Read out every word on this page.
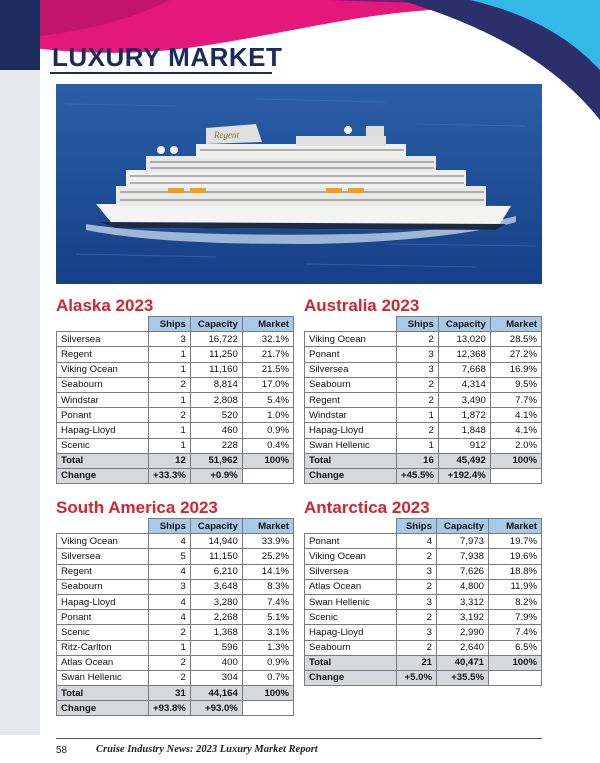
LUXURY MARKET
Regent
Alaska 2023
	Ships	Capacity	Market
Silversea	3	16,722	32.1%
Regent	1	11,250	21.7%
Viking Ocean	1	11,160	21.5%
Seabourn	2	8,814	17.0%
Windstar	1	2,808	5.4%
Ponant	2	520	1.0%
Hapag-Lloyd	1	460	0.9%
Scenic	1	228	0.4%
Total	12	51,962	100%
Change	+33.3%	+0.9%	
Australia 2023
	Ships	Capacity	Market
Viking Ocean	2	13,020	28.5%
Ponant	3	12,368	27.2%
Silversea	3	7,668	16.9%
Seabourn	2	4,314	9.5%
Regent	2	3,490	7.7%
Windstar	1	1,872	4.1%
Hapag-Lloyd	2	1,848	4.1%
Swan Hellenic	1	912	2.0%
Total	16	45,492	100%
Change	+45.5%	+192.4%	
South America 2023
	Ships	Capacity	Market
Viking Ocean	4	14,940	33.9%
Silversea	5	11,150	25.2%
Regent	4	6,210	14.1%
Seabourn	3	3,648	8.3%
Hapag-Lloyd	4	3,280	7.4%
Ponant	4	2,268	5.1%
Scenic	2	1,368	3.1%
Ritz-Carlton	1	596	1.3%
Atlas Ocean	2	400	0.9%
Swan Hellenic	2	304	0.7%
Total	31	44,164	100%
Change	+93.8%	+93.0%	
Antarctica 2023
	Ships	Capacity	Market
Ponant	4	7,973	19.7%
Viking Ocean	2	7,938	19.6%
Silversea	3	7,626	18.8%
Atlas Ocean	2	4,800	11.9%
Swan Hellenic	3	3,312	8.2%
Scenic	2	3,192	7.9%
Hapag-Lloyd	3	2,990	7.4%
Seabourn	2	2,640	6.5%
Total	21	40,471	100%
Change	+5.0%	+35.5%	
58	Cruise Industry News: 2023 Luxury Market Report
